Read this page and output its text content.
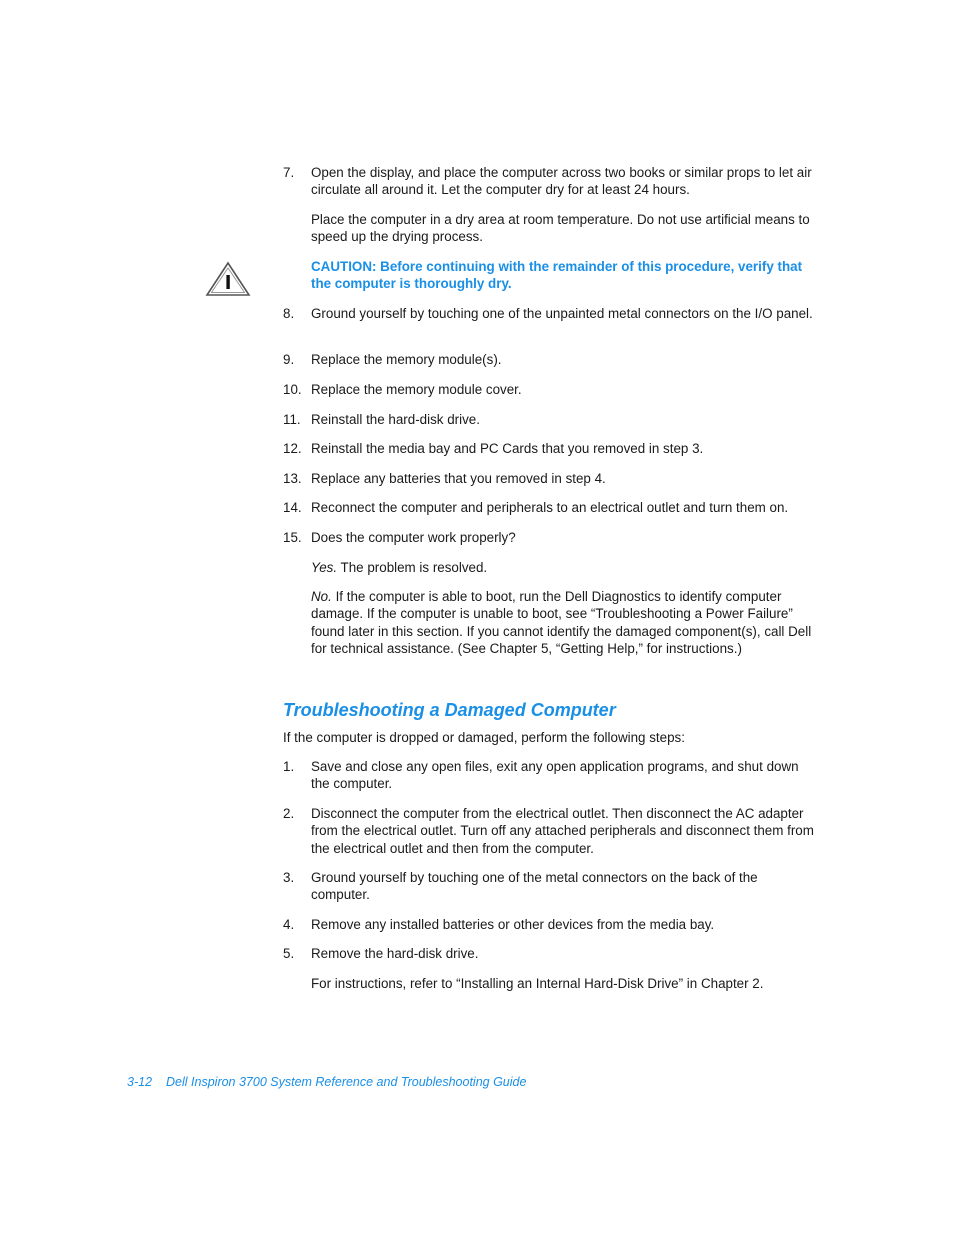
7. Open the display, and place the computer across two books or similar props to let air circulate all around it. Let the computer dry for at least 24 hours.
Place the computer in a dry area at room temperature. Do not use artificial means to speed up the drying process.
CAUTION: Before continuing with the remainder of this procedure, verify that the computer is thoroughly dry.
8. Ground yourself by touching one of the unpainted metal connectors on the I/O panel.
9. Replace the memory module(s).
10. Replace the memory module cover.
11. Reinstall the hard-disk drive.
12. Reinstall the media bay and PC Cards that you removed in step 3.
13. Replace any batteries that you removed in step 4.
14. Reconnect the computer and peripherals to an electrical outlet and turn them on.
15. Does the computer work properly?
Yes. The problem is resolved.
No. If the computer is able to boot, run the Dell Diagnostics to identify computer damage. If the computer is unable to boot, see “Troubleshooting a Power Failure” found later in this section. If you cannot identify the damaged component(s), call Dell for technical assistance. (See Chapter 5, “Getting Help,” for instructions.)
Troubleshooting a Damaged Computer
If the computer is dropped or damaged, perform the following steps:
1. Save and close any open files, exit any open application programs, and shut down the computer.
2. Disconnect the computer from the electrical outlet. Then disconnect the AC adapter from the electrical outlet. Turn off any attached peripherals and disconnect them from the electrical outlet and then from the computer.
3. Ground yourself by touching one of the metal connectors on the back of the computer.
4. Remove any installed batteries or other devices from the media bay.
5. Remove the hard-disk drive.
For instructions, refer to “Installing an Internal Hard-Disk Drive” in Chapter 2.
3-12 Dell Inspiron 3700 System Reference and Troubleshooting Guide
